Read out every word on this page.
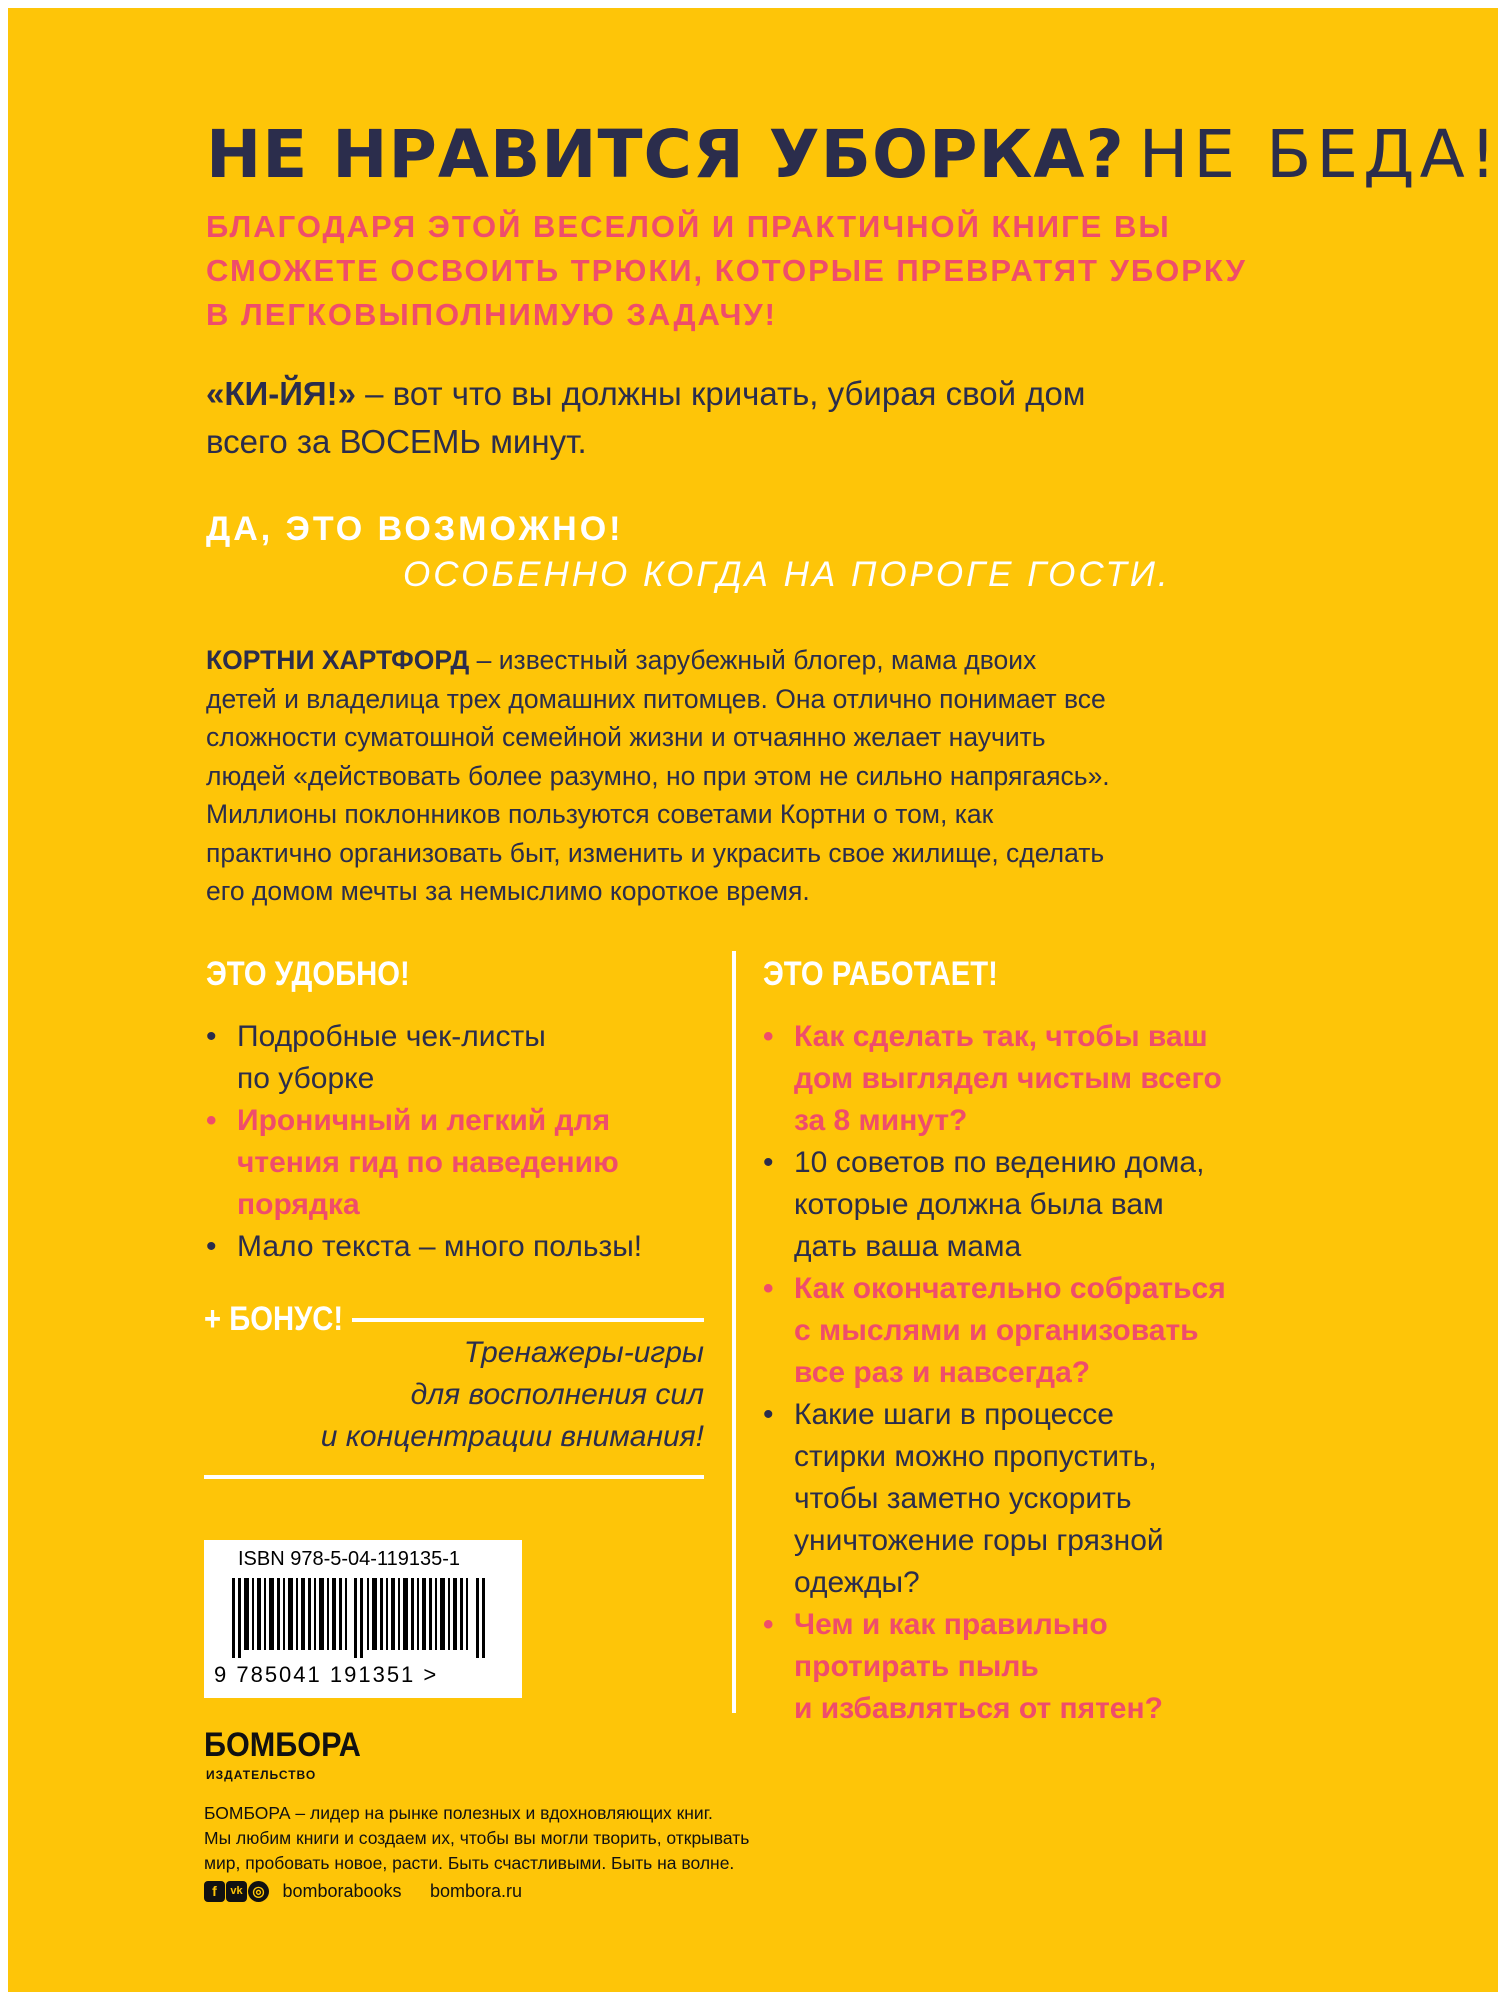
НЕ НРАВИТСЯ УБОРКА? НЕ БЕДА!
БЛАГОДАРЯ ЭТОЙ ВЕСЕЛОЙ И ПРАКТИЧНОЙ КНИГЕ ВЫ
СМОЖЕТЕ ОСВОИТЬ ТРЮКИ, КОТОРЫЕ ПРЕВРАТЯТ УБОРКУ
В ЛЕГКОВЫПОЛНИМУЮ ЗАДАЧУ!
«КИ-ЙЯ!» – вот что вы должны кричать, убирая свой дом
всего за ВОСЕМЬ минут.
ДА, ЭТО ВОЗМОЖНО!
ОСОБЕННО КОГДА НА ПОРОГЕ ГОСТИ.
КОРТНИ ХАРТФОРД – известный зарубежный блогер, мама двоих
детей и владелица трех домашних питомцев. Она отлично понимает все
сложности суматошной семейной жизни и отчаянно желает научить
людей «действовать более разумно, но при этом не сильно напрягаясь».
Миллионы поклонников пользуются советами Кортни о том, как
практично организовать быт, изменить и украсить свое жилище, сделать
его домом мечты за немыслимо короткое время.
ЭТО УДОБНО!
•
Подробные чек-листы
по уборке
•
Ироничный и легкий для
чтения гид по наведению
порядка
•
Мало текста – много пользы!
ЭТО РАБОТАЕТ!
•
Как сделать так, чтобы ваш
дом выглядел чистым всего
за 8 минут?
•
10 советов по ведению дома,
которые должна была вам
дать ваша мама
•
Как окончательно собраться
с мыслями и организовать
все раз и навсегда?
•
Какие шаги в процессе
стирки можно пропустить,
чтобы заметно ускорить
уничтожение горы грязной
одежды?
•
Чем и как правильно
протирать пыль
и избавляться от пятен?
+ БОНУС!
Тренажеры-игры
для восполнения сил
и концентрации внимания!
ISBN 978-5-04-119135-1
9 785041 191351 >
БОМБОРА
ИЗДАТЕЛЬСТВО
БОМБОРА – лидер на рынке полезных и вдохновляющих книг.
Мы любим книги и создаем их, чтобы вы могли творить, открывать
мир, пробовать новое, расти. Быть счастливыми. Быть на волне.
f vk ◎ bomborabooks bombora.ru
